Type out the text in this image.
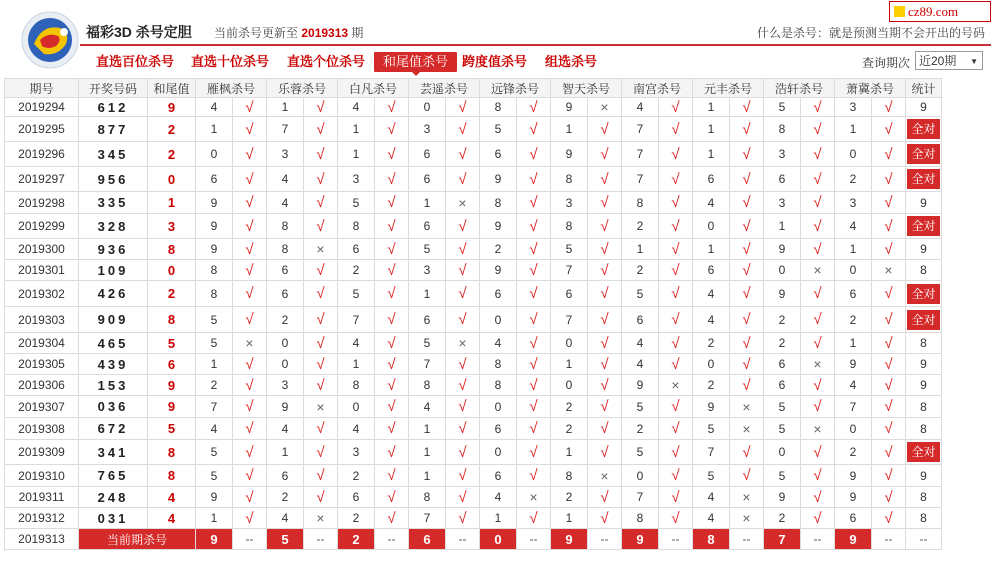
福彩3D 杀号定胆 当前杀号更新至 2019313 期
cz89.com
什么是杀号：就是预测当期不会开出的号码
直选百位杀号 直选十位杀号 直选个位杀号	和尾值杀号	跨度值杀号 组选杀号	查询期次 近20期 ▼
期号	开奖号码	和尾值	雁枫杀号		乐蓉杀号		白凡杀号		芸遥杀号		远锋杀号		智天杀号		南宫杀号		元丰杀号		浩轩杀号		萧冀杀号		统计
2019294	612	9	4	√	1	√	4	√	0	√	8	√	9	×	4	√	1	√	5	√	3	√	9
2019295	877	2	1	√	7	√	1	√	3	√	5	√	1	√	7	√	1	√	8	√	1	√	全对
2019296	345	2	0	√	3	√	1	√	6	√	6	√	9	√	7	√	1	√	3	√	0	√	全对
2019297	956	0	6	√	4	√	3	√	6	√	9	√	8	√	7	√	6	√	6	√	2	√	全对
2019298	335	1	9	√	4	√	5	√	1	×	8	√	3	√	8	√	4	√	3	√	3	√	9
2019299	328	3	9	√	8	√	8	√	6	√	9	√	8	√	2	√	0	√	1	√	4	√	全对
2019300	936	8	9	√	8	×	6	√	5	√	2	√	5	√	1	√	1	√	9	√	1	√	9
2019301	109	0	8	√	6	√	2	√	3	√	9	√	7	√	2	√	6	√	0	×	0	×	8
2019302	426	2	8	√	6	√	5	√	1	√	6	√	6	√	5	√	4	√	9	√	6	√	全对
2019303	909	8	5	√	2	√	7	√	6	√	0	√	7	√	6	√	4	√	2	√	2	√	全对
2019304	465	5	5	×	0	√	4	√	5	×	4	√	0	√	4	√	2	√	2	√	1	√	8
2019305	439	6	1	√	0	√	1	√	7	√	8	√	1	√	4	√	0	√	6	×	9	√	9
2019306	153	9	2	√	3	√	8	√	8	√	8	√	0	√	9	×	2	√	6	√	4	√	9
2019307	036	9	7	√	9	×	0	√	4	√	0	√	2	√	5	√	9	×	5	√	7	√	8
2019308	672	5	4	√	4	√	4	√	1	√	6	√	2	√	2	√	5	×	5	×	0	√	8
2019309	341	8	5	√	1	√	3	√	1	√	0	√	1	√	5	√	7	√	0	√	2	√	全对
2019310	765	8	5	√	6	√	2	√	1	√	6	√	8	×	0	√	5	√	5	√	9	√	9
2019311	248	4	9	√	2	√	6	√	8	√	4	×	2	√	7	√	4	×	9	√	9	√	8
2019312	031	4	1	√	4	×	2	√	7	√	1	√	1	√	8	√	4	×	2	√	6	√	8
2019313	当前期杀号		9	--	5	--	2	--	6	--	0	--	9	--	9	--	8	--	7	--	9	--	--
